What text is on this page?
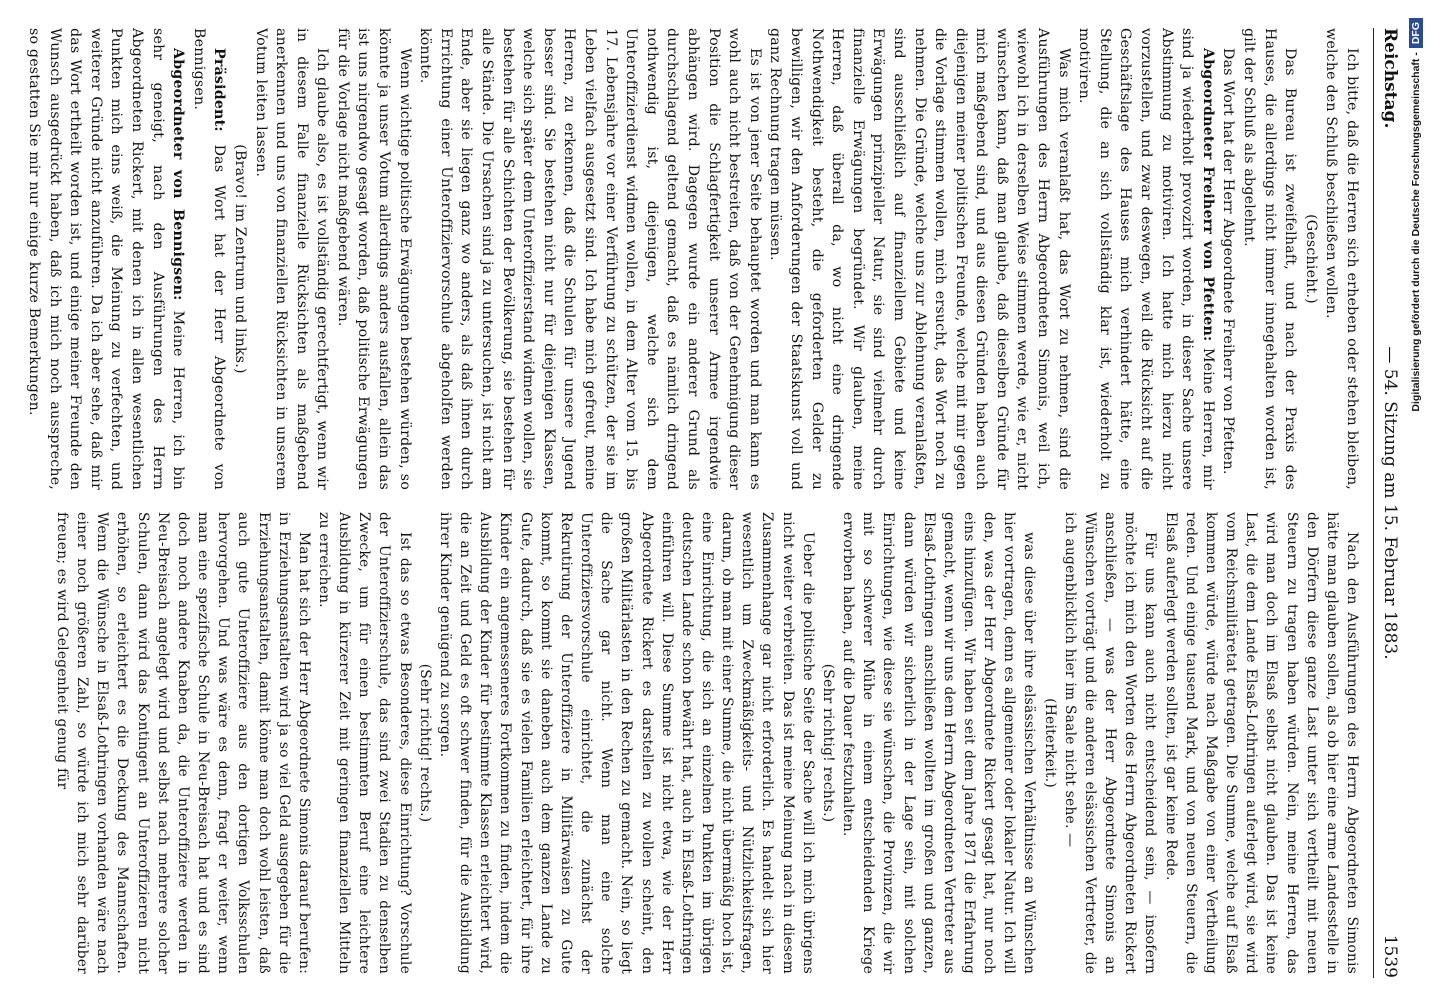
Reichstag.
— 54. Sitzung am 15. Februar 1883.
1539

Ich bitte, daß die Herren sich erheben oder stehen bleiben, welche den Schluß beschließen wollen.

(Geschieht.)

Das Bureau ist zweifelhaft, und nach der Praxis des Hauses, die allerdings nicht immer innegehalten worden ist, gilt der Schluß als abgelehnt.

Das Wort hat der Herr Abgeordnete Freiherr von Pfetten.

Abgeordneter Freiherr von Pfetten: Meine Herren, mir sind ja wiederholt provozirt worden, in dieser Sache unsere Abstimmung zu motiviren. Ich hatte mich hierzu nicht vorzustellen, und zwar deswegen, weil die Rücksicht auf die Geschäftslage des Hauses mich verhindert hätte, eine Stellung, die an sich vollständig klar ist, wiederholt zu motiviren.

Was mich veranlaßt hat, das Wort zu nehmen, sind die Ausführungen des Herrn Abgeordneten Simonis, weil ich, wiewohl ich in derselben Weise stimmen werde, wie er, nicht wünschen kann, daß man glaube, daß dieselben Gründe für mich maßgebend sind, und aus diesen Gründen haben auch diejenigen meiner politischen Freunde, welche mit mir gegen die Vorlage stimmen wollen, mich ersucht, das Wort noch zu nehmen. Die Gründe, welche uns zur Ablehnung veranlaßten, sind ausschließlich auf finanziellem Gebiete und keine Erwägungen prinzipieller Natur, sie sind vielmehr durch finanzielle Erwägungen begründet. Wir glauben, meine Herren, daß überall da, wo nicht eine dringende Nothwendigkeit besteht, die geforderten Gelder zu bewilligen, wir den Anforderungen der Staatskunst voll und ganz Rechnung tragen müssen.

Es ist von jener Seite behauptet worden und man kann es wohl auch nicht bestreiten, daß von der Genehmigung dieser Position die Schlagfertigkeit unserer Armee irgendwie abhängen wird. Dagegen wurde ein anderer Grund als durchschlagend geltend gemacht, daß es nämlich dringend nothwendig ist, diejenigen, welche sich dem Unteroffizierdienst widmen wollen, in dem Alter vom 15. bis 17. Lebensjahre vor einer Verführung zu schützen, der sie im Leben vielfach ausgesetzt sind. Ich habe mich gefreut, meine Herren, zu erkennen, daß die Schulen für unsere Jugend besser sind. Sie bestehen nicht nur für diejenigen Klassen, welche sich später dem Unteroffizierstand widmen wollen, sie bestehen für alle Schichten der Bevölkerung, sie bestehen für alle Stände. Die Ursachen sind ja zu untersuchen, ist nicht am Ende, aber sie liegen ganz wo anders, als daß ihnen durch Errichtung einer Unteroffiziervorschule abgeholfen werden könnte.

Wenn wichtige politische Erwägungen bestehen würden, so könnte ja unser Votum allerdings anders ausfallen, allein das ist uns nirgendwo gesagt worden, daß politische Erwägungen für die Vorlage nicht maßgebend wären.

Ich glaube also, es ist vollständig gerechtfertigt, wenn wir in diesem Falle finanzielle Rücksichten als maßgebend anerkennen und uns von finanziellen Rücksichten in unserem Votum leiten lassen.

(Bravo! im Zentrum und links.)

Präsident: Das Wort hat der Herr Abgeordnete von Bennigsen.

Abgeordneter von Bennigsen: Meine Herren, ich bin sehr geneigt, nach den Ausführungen des Herrn Abgeordneten Rickert, mit denen ich in allen wesentlichen Punkten mich eins weiß, die Meinung zu verfechten, und weiterer Gründe nicht anzuführen. Da ich aber sehe, daß mir das Wort ertheilt worden ist, und einige meiner Freunde den Wunsch ausgedrückt haben, daß ich mich noch ausspreche, so gestatten Sie mir nur einige kurze Bemerkungen.

Nach den Ausführungen des Herrn Abgeordneten Simonis hätte man glauben sollen, als ob hier eine arme Landesstelle in den Dörfern diese ganze Last unter sich vertheilt mit neuen Steuern zu tragen haben würden. Nein, meine Herren, das wird man doch im Elsaß selbst nicht glauben. Das ist keine Last, die dem Lande Elsaß-Lothringen auferlegt wird, sie wird vom Reichsmilitäretat getragen. Die Summe, welche auf Elsaß kommen würde, würde nach Maßgabe von einer Vertheilung reden. Und einige tausend Mark, und von neuen Steuern, die Elsaß auferlegt werden sollten, ist gar keine Rede.

Für uns kann auch nicht entscheidend sein, — insofern möchte ich mich den Worten des Herrn Abgeordneten Rickert anschließen, — was der Herr Abgeordnete Simonis an Wünschen vorträgt und die anderen elsässischen Vertreter, die ich augenblicklich hier im Saale nicht sehe. —

(Heiterkeit.)

was diese über ihre elsässischen Verhältnisse an Wünschen hier vortragen, denn es allgemeiner oder lokaler Natur. Ich will den, was der Herr Abgeordnete Rickert gesagt hat, nur noch eins hinzufügen. Wir haben seit dem Jahre 1871 die Erfahrung gemacht, wenn wir uns dem Herrn Abgeordneten Vertreter aus Elsaß-Lothringen anschließen wollten im großen und ganzen, dann würden wir sicherlich in der Lage sein, mit solchen Einrichtungen, wie diese sie wünschen, die Provinzen, die wir mit so schwerer Mühe in einem entscheidenden Kriege erworben haben, auf die Dauer festzuhalten.

(Sehr richtig! rechts.)

Ueber die politische Seite der Sache will ich mich übrigens nicht weiter verbreiten. Das ist meine Meinung nach in diesem Zusammenhange gar nicht erforderlich. Es handelt sich hier wesentlich um Zweckmäßigkeits- und Nützlichkeitsfragen, darum, ob man mit einer Summe, die nicht übermäßig hoch ist, eine Einrichtung, die sich an einzelnen Punkten im übrigen deutschen Lande schon bewährt hat, auch in Elsaß-Lothringen einführen will. Diese Summe ist nicht etwa, wie der Herr Abgeordnete Rickert es darstellen zu wollen scheint, den großen Militärlasten in den Rechen zu gemacht. Nein, so liegt die Sache gar nicht. Wenn man eine solche Unteroffiziersvorschule einrichtet, die zunächst der Rekrutirung der Unteroffiziere in Militärwaisen zu Gute kommt, so kommt sie daneben auch dem ganzen Lande zu Gute, dadurch, daß sie es vielen Familien erleichtert, für ihre Kinder ein angemesseneres Fortkommen zu finden, indem die Ausbildung der Kinder für bestimmte Klassen erleichtert wird, die an Zeit und Geld es oft schwer finden, für die Ausbildung ihrer Kinder genügend zu sorgen.

(Sehr richtig! rechts.)

Ist das so etwas Besonderes, diese Einrichtung? Vorschule der Unteroffizierschule, das sind zwei Stadien zu denselben Zwecke, um für einen bestimmten Beruf eine leichtere Ausbildung in kürzerer Zeit mit geringen finanziellen Mitteln zu erreichen.

Man hat sich der Herr Abgeordnete Simonis darauf berufen: in Erziehungsanstalten wird ja so viel Geld ausgegeben für die Erziehungsanstalten, damit könne man doch wohl leisten, daß auch gute Unteroffiziere aus den dortigen Volksschulen hervorgehen. Und was wäre es denn, fragt er weiter, wenn man eine spezifische Schule in Neu-Breisach hat und es sind doch noch andere Knaben da, die Unteroffiziere werden in Neu-Breisach angelegt wird und selbst nach mehrere solcher Schulen, dann wird das Kontingent an Unteroffizieren nicht erhöhen, so erleichtert es die Deckung des Mannschaften. Wenn die Wünsche in Elsaß-Lothringen vorhanden wäre nach einer noch größeren Zahl, so würde ich mich sehr darüber freuen; es wird Gelegenheit genug für

Digitalisierung gefördert durch die Deutsche Forschungsgemeinschaft -DFG
